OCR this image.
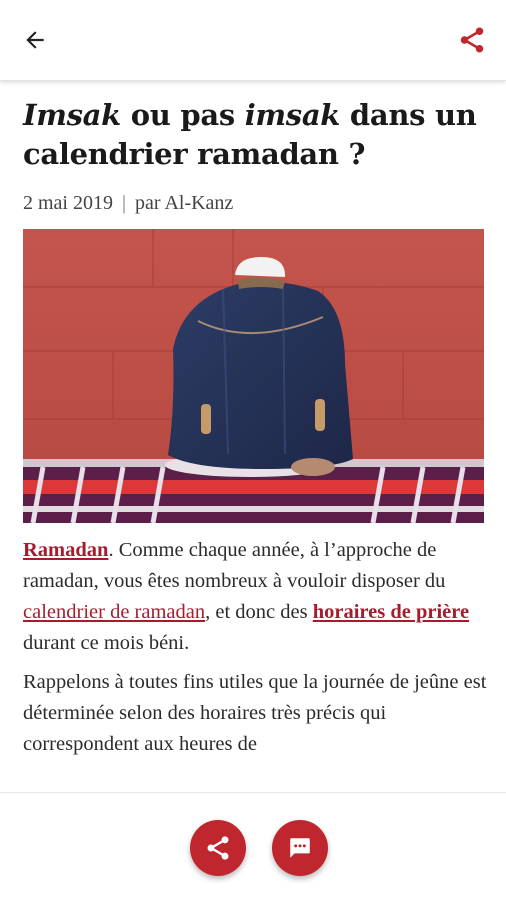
Imsak ou pas imsak dans un calendrier ramadan ?
2 mai 2019 | par Al-Kanz

Ramadan. Comme chaque année, à l’approche de ramadan, vous êtes nombreux à vouloir disposer du calendrier de ramadan, et donc des horaires de prière durant ce mois béni.

Rappelons à toutes fins utiles que la journée de jeûne est déterminée selon des horaires très précis qui correspondent aux heures de
